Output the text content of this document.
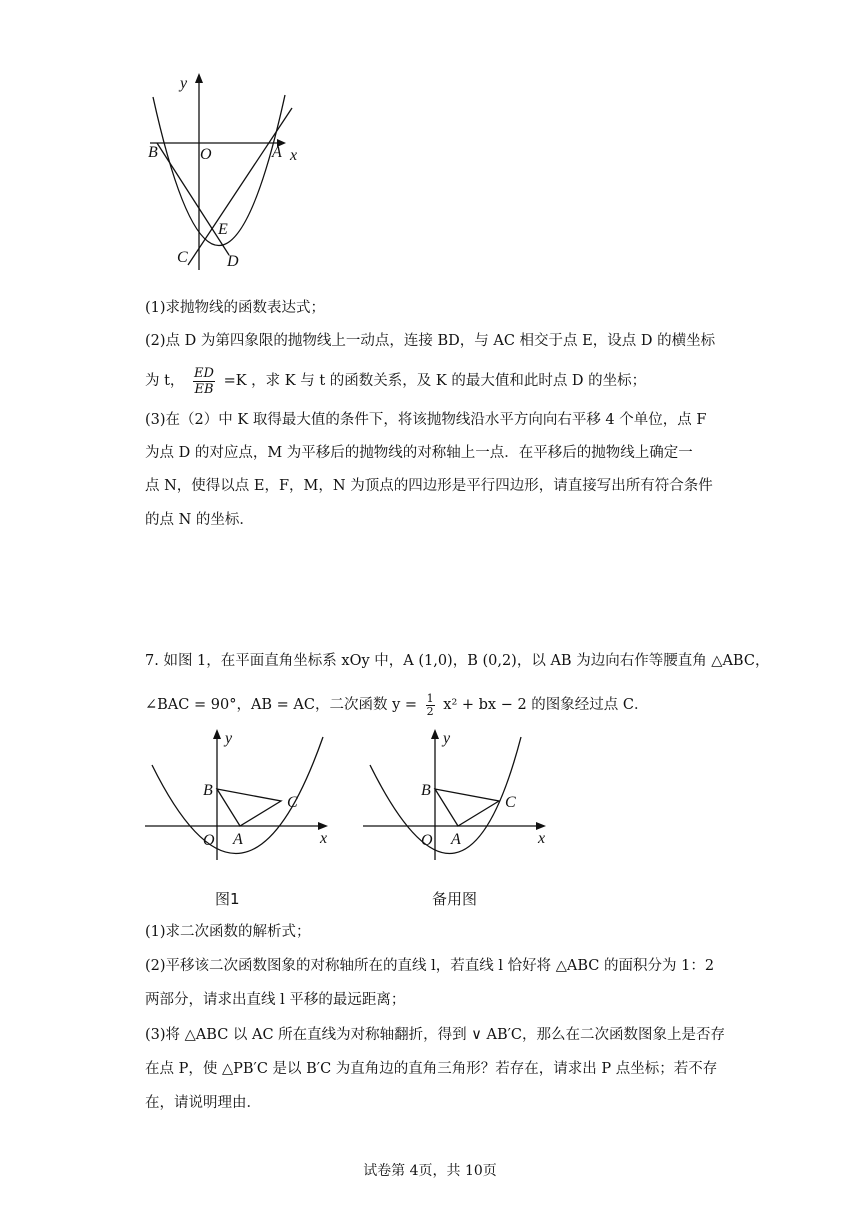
y
x
O
B	A
E
C D
(1)求抛物线的函数表达式；
(2)点 D 为第四象限的抛物线上一动点，连接 BD，与 AC 相交于点 E，设点 D 的横坐标
为 t， $\frac{ED}{EB} =K$ ，求 K 与 t 的函数关系，及 K 的最大值和此时点 D 的坐标；
(3)在（2）中 K 取得最大值的条件下，将该抛物线沿水平方向向右平移 4 个单位，点 F
为点 D 的对应点，M 为平移后的抛物线的对称轴上一点．在平移后的抛物线上确定一
点 N，使得以点 E，F，M，N 为顶点的四边形是平行四边形，请直接写出所有符合条件
的点 N 的坐标．
7. 如图 1，在平面直角坐标系 xOy 中，A (1,0)，B (0,2)，以 AB 为边向右作等腰直角 △ABC，
∠BAC = 90°，AB = AC，二次函数 $y = \frac{1}{2} x^2$ + bx − 2 的图象经过点 C．
y
x
B
C
O A
图1
y
x
B
C
O A
备用图
(1)求二次函数的解析式；
(2)平移该二次函数图象的对称轴所在的直线 l，若直线 l 恰好将 △ABC 的面积分为 1：2
两部分，请求出直线 l 平移的最远距离；
(3)将 △ABC 以 AC 所在直线为对称轴翻折，得到 ∨ AB′C，那么在二次函数图象上是否存
在点 P，使 △PB′C 是以 B′C 为直角边的直角三角形？若存在，请求出 P 点坐标；若不存
在，请说明理由．
试卷第 4页，共 10页
